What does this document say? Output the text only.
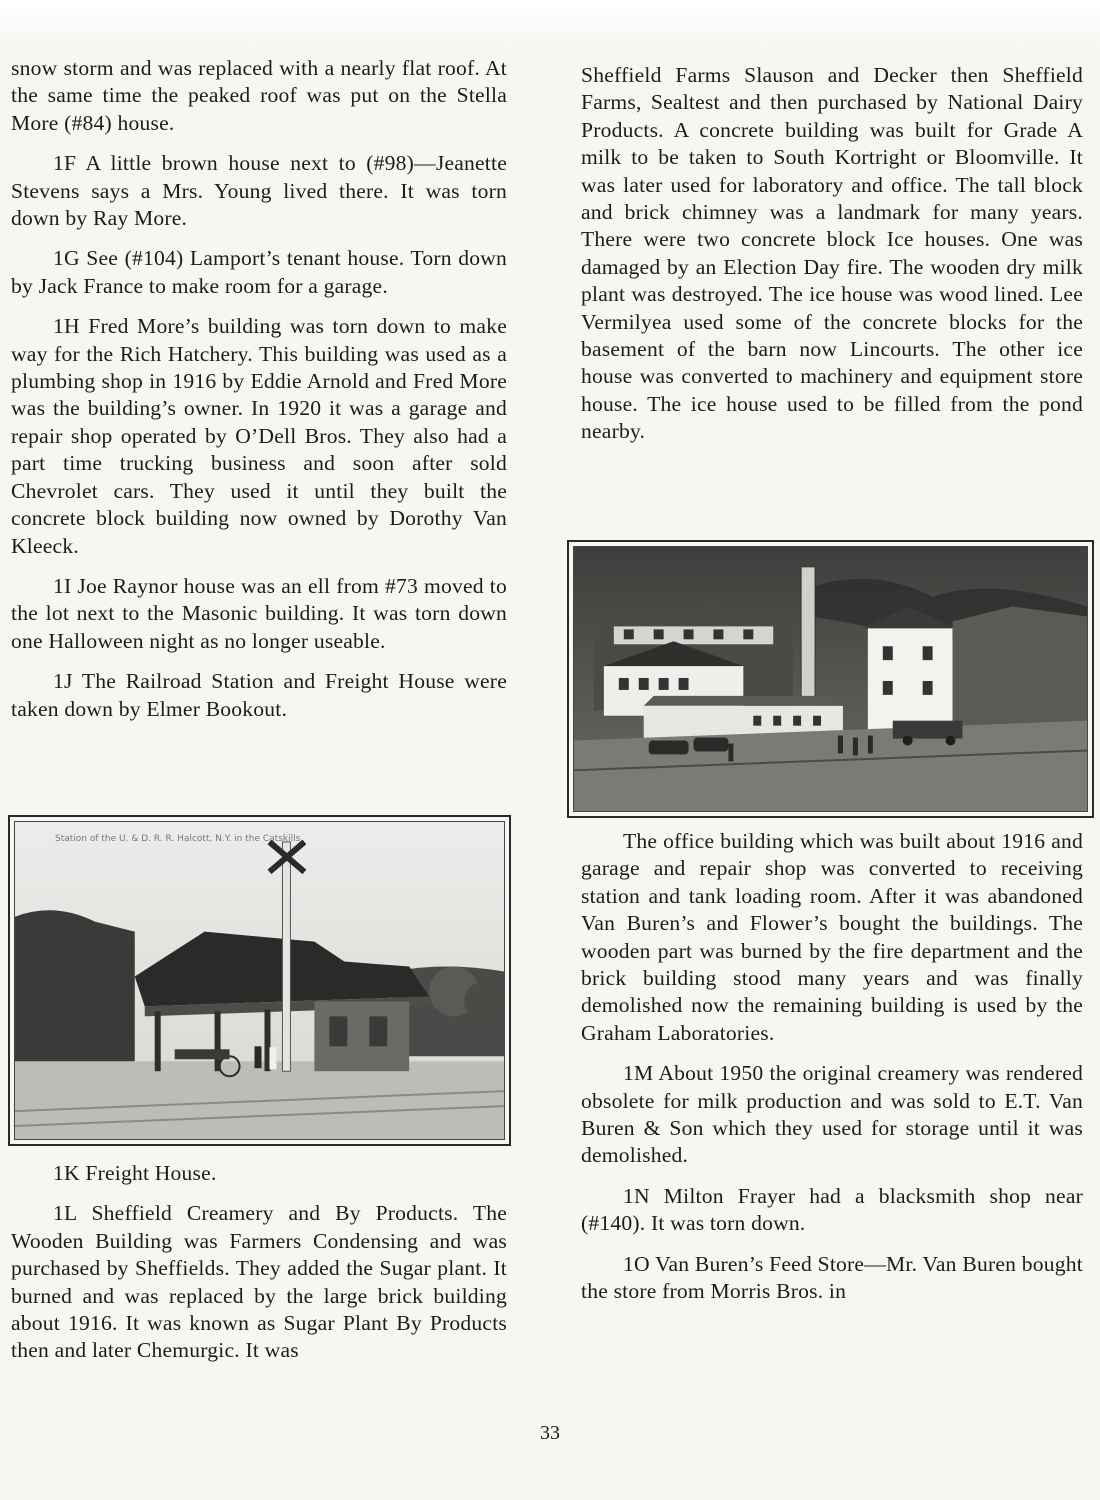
snow storm and was replaced with a nearly flat roof. At the same time the peaked roof was put on the Stella More (#84) house.

1F A little brown house next to (#98)—Jeanette Stevens says a Mrs. Young lived there. It was torn down by Ray More.

1G See (#104) Lamport’s tenant house. Torn down by Jack France to make room for a garage.

1H Fred More’s building was torn down to make way for the Rich Hatchery. This building was used as a plumbing shop in 1916 by Eddie Arnold and Fred More was the building’s owner. In 1920 it was a garage and repair shop operated by O’Dell Bros. They also had a part time trucking business and soon after sold Chevrolet cars. They used it until they built the concrete block building now owned by Dorothy Van Kleeck.

1I Joe Raynor house was an ell from #73 moved to the lot next to the Masonic building. It was torn down one Halloween night as no longer useable.

1J The Railroad Station and Freight House were taken down by Elmer Bookout.

Station of the U. & D. R. R. Halcott, N.Y. in the Catskills

1K Freight House.

1L Sheffield Creamery and By Products. The Wooden Building was Farmers Condensing and was purchased by Sheffields. They added the Sugar plant. It burned and was replaced by the large brick building about 1916. It was known as Sugar Plant By Products then and later Chemurgic. It was

Sheffield Farms Slauson and Decker then Sheffield Farms, Sealtest and then purchased by National Dairy Products. A concrete building was built for Grade A milk to be taken to South Kortright or Bloomville. It was later used for laboratory and office. The tall block and brick chimney was a landmark for many years. There were two concrete block Ice houses. One was damaged by an Election Day fire. The wooden dry milk plant was destroyed. The ice house was wood lined. Lee Vermilyea used some of the concrete blocks for the basement of the barn now Lincourts. The other ice house was converted to machinery and equipment store house. The ice house used to be filled from the pond nearby.

The office building which was built about 1916 and garage and repair shop was converted to receiving station and tank loading room. After it was abandoned Van Buren’s and Flower’s bought the buildings. The wooden part was burned by the fire department and the brick building stood many years and was finally demolished now the remaining building is used by the Graham Laboratories.

1M About 1950 the original creamery was rendered obsolete for milk production and was sold to E.T. Van Buren & Son which they used for storage until it was demolished.

1N Milton Frayer had a blacksmith shop near (#140). It was torn down.

1O Van Buren’s Feed Store—Mr. Van Buren bought the store from Morris Bros. in

33
